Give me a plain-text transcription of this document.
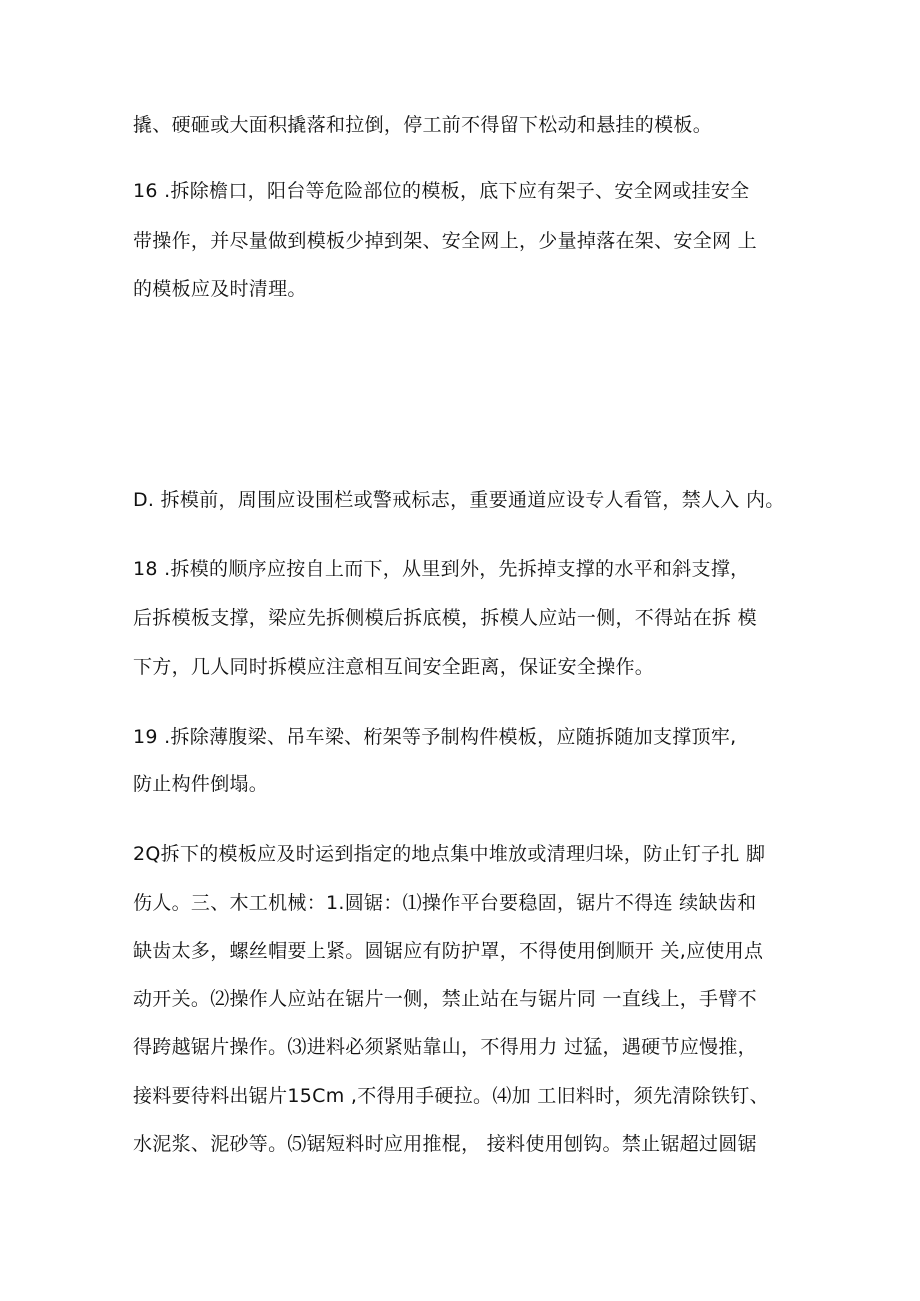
撬、硬砸或大面积撬落和拉倒，停工前不得留下松动和悬挂的模板。
16 .拆除檐口，阳台等危险部位的模板，底下应有架子、安全网或挂安全
带操作，并尽量做到模板少掉到架、安全网上，少量掉落在架、安全网 上
的模板应及时清理。
D. 拆模前，周围应设围栏或警戒标志，重要通道应设专人看管，禁人入 内。
18 .拆模的顺序应按自上而下，从里到外，先拆掉支撑的水平和斜支撑，
后拆模板支撑，梁应先拆侧模后拆底模，拆模人应站一侧，不得站在拆 模
下方，几人同时拆模应注意相互间安全距离，保证安全操作。
19 .拆除薄腹梁、吊车梁、桁架等予制构件模板，应随拆随加支撑顶牢,
防止构件倒塌。
2Q拆下的模板应及时运到指定的地点集中堆放或清理归垛，防止钉子扎 脚
伤人。三、木工机械：1.圆锯：⑴操作平台要稳固，锯片不得连 续缺齿和
缺齿太多，螺丝帽要上紧。圆锯应有防护罩，不得使用倒顺开 关,应使用点
动开关。⑵操作人应站在锯片一侧，禁止站在与锯片同 一直线上，手臂不
得跨越锯片操作。⑶进料必须紧贴靠山，不得用力 过猛，遇硬节应慢推，
接料要待料出锯片15Cm ,不得用手硬拉。⑷加 工旧料时，须先清除铁钉、
水泥浆、泥砂等。⑸锯短料时应用推棍， 接料使用刨钩。禁止锯超过圆锯
